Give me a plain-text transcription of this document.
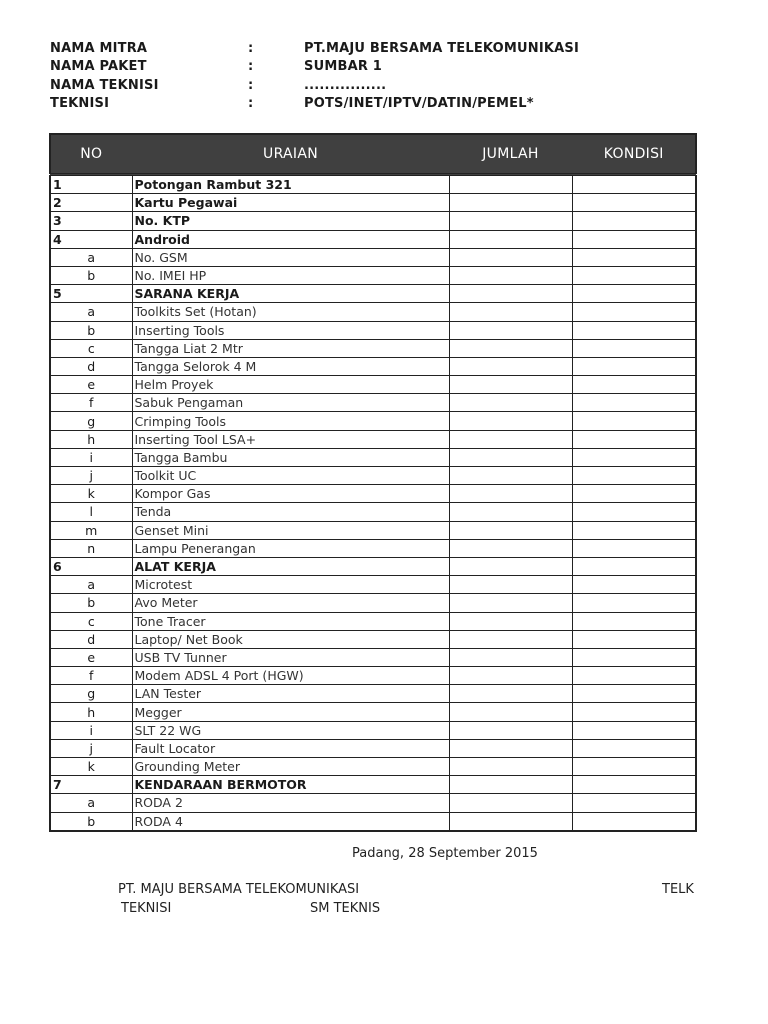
NAMA MITRA	:	PT.MAJU BERSAMA TELEKOMUNIKASI
NAMA PAKET	:	SUMBAR 1
NAMA TEKNISI	:	................
TEKNISI	:	POTS/INET/IPTV/DATIN/PEMEL*
NO	URAIAN	JUMLAH	KONDISI
1	Potongan Rambut 321		
2	Kartu Pegawai		
3	No. KTP		
4	Android		
a	No. GSM		
b	No. IMEI HP		
5	SARANA KERJA		
a	Toolkits Set (Hotan)		
b	Inserting Tools		
c	Tangga Liat 2 Mtr		
d	Tangga Selorok 4 M		
e	Helm Proyek		
f	Sabuk Pengaman		
g	Crimping Tools		
h	Inserting Tool LSA+		
i	Tangga Bambu		
j	Toolkit UC		
k	Kompor Gas		
l	Tenda		
m	Genset Mini		
n	Lampu Penerangan		
6	ALAT KERJA		
a	Microtest		
b	Avo Meter		
c	Tone Tracer		
d	Laptop/ Net Book		
e	USB TV Tunner		
f	Modem ADSL 4 Port (HGW)		
g	LAN Tester		
h	Megger		
i	SLT 22 WG		
j	Fault Locator		
k	Grounding Meter		
7	KENDARAAN BERMOTOR		
a	RODA 2		
b	RODA 4		
Padang, 28 September 2015
PT. MAJU BERSAMA TELEKOMUNIKASI	TELK
TEKNISI	SM TEKNIS
